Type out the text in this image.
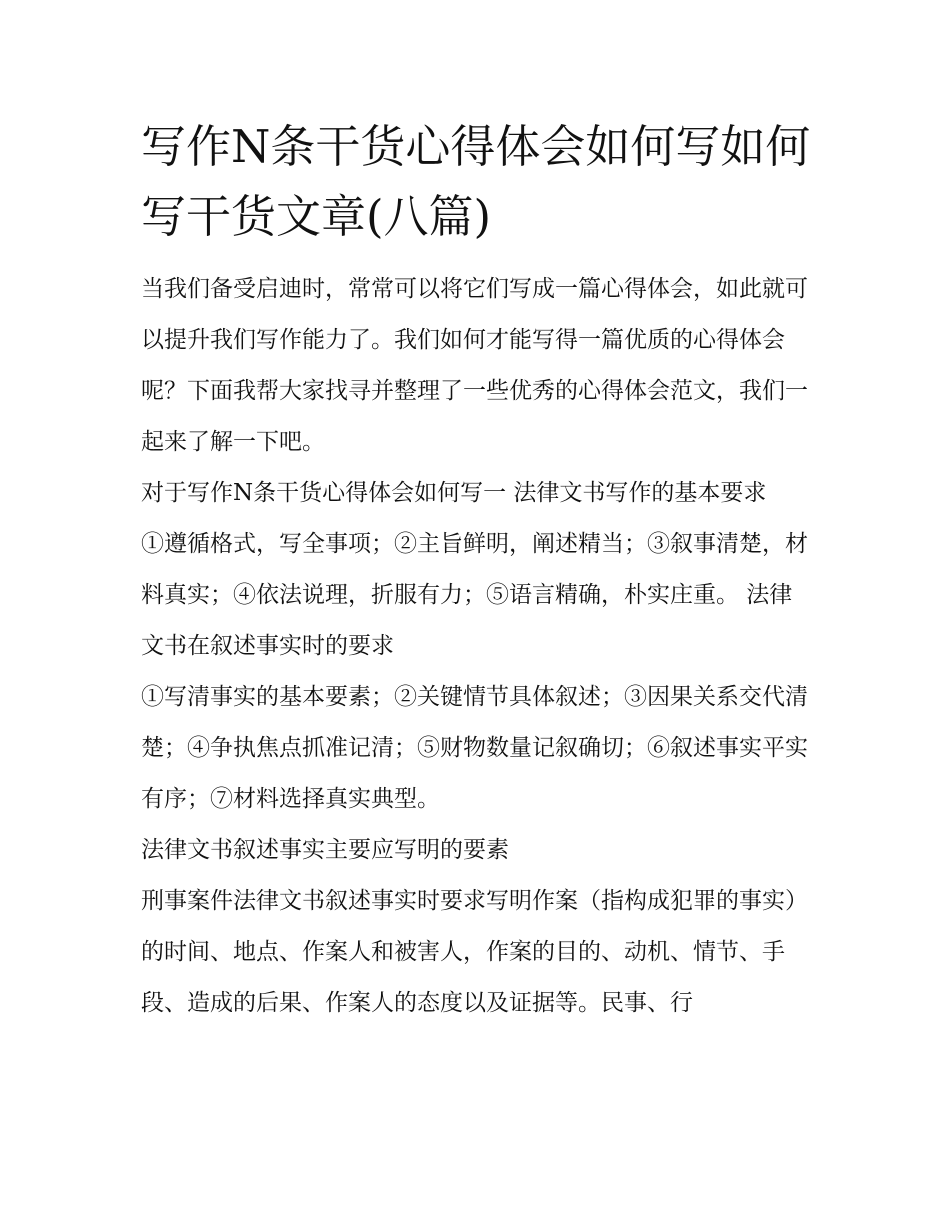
写作N条干货心得体会如何写如何写干货文章(八篇)

当我们备受启迪时，常常可以将它们写成一篇心得体会，如此就可以提升我们写作能力了。我们如何才能写得一篇优质的心得体会呢？下面我帮大家找寻并整理了一些优秀的心得体会范文，我们一起来了解一下吧。

对于写作N条干货心得体会如何写一 法律文书写作的基本要求

①遵循格式，写全事项；②主旨鲜明，阐述精当；③叙事清楚，材料真实；④依法说理，折服有力；⑤语言精确，朴实庄重。 法律文书在叙述事实时的要求

①写清事实的基本要素；②关键情节具体叙述；③因果关系交代清楚；④争执焦点抓准记清；⑤财物数量记叙确切；⑥叙述事实平实有序；⑦材料选择真实典型。

法律文书叙述事实主要应写明的要素

刑事案件法律文书叙述事实时要求写明作案（指构成犯罪的事实）的时间、地点、作案人和被害人，作案的目的、动机、情节、手段、造成的后果、作案人的态度以及证据等。民事、行
